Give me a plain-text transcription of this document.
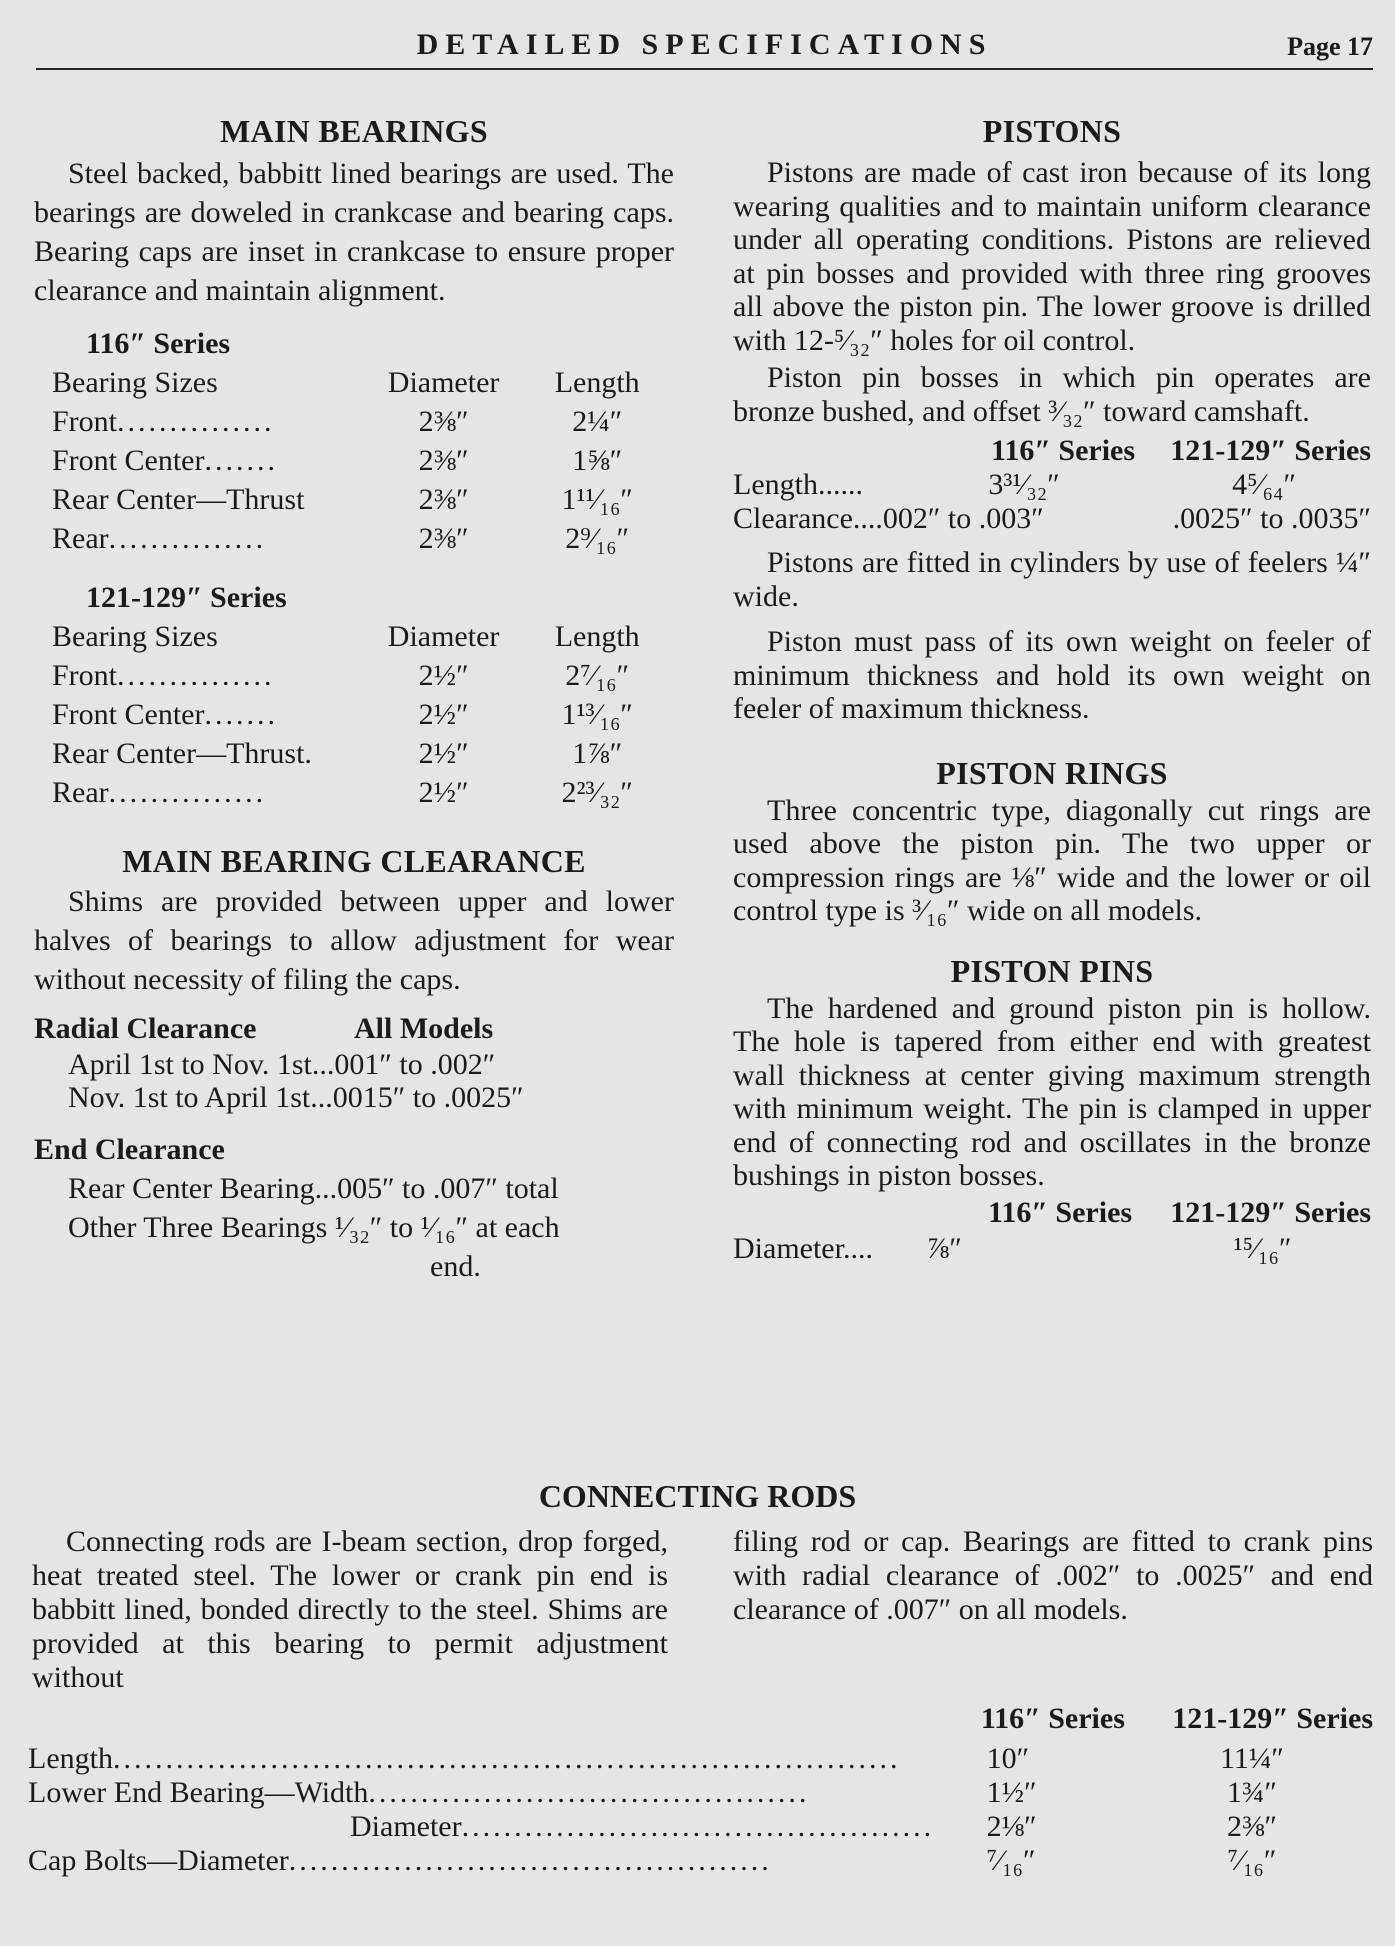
DETAILED SPECIFICATIONS	Page 17
MAIN BEARINGS

Steel backed, babbitt lined bearings are used. The bearings are doweled in crankcase and bearing caps. Bearing caps are inset in crankcase to ensure proper clearance and maintain alignment.

116″ Series
Bearing Sizes	Diameter	Length
Front...............	2⅜″	2¼″
Front Center.......	2⅜″	1⅝″
Rear Center—Thrust	2⅜″	1¹¹⁄₁₆″
Rear...............	2⅜″	2⁹⁄₁₆″
121-129″ Series
Bearing Sizes	Diameter	Length
Front...............	2½″	2⁷⁄₁₆″
Front Center.......	2½″	1¹³⁄₁₆″
Rear Center—Thrust.	2½″	1⅞″
Rear...............	2½″	2²³⁄₃₂″
MAIN BEARING CLEARANCE

Shims are provided between upper and lower halves of bearings to allow adjustment for wear without necessity of filing the caps.

Radial Clearance	All Models
April 1st to Nov. 1st...001″ to .002″
Nov. 1st to April 1st...0015″ to .0025″
End Clearance
Rear Center Bearing...005″ to .007″ total
Other Three Bearings ¹⁄₃₂″ to ¹⁄₁₆″ at each
end.
PISTONS

Pistons are made of cast iron because of its long wearing qualities and to maintain uniform clearance under all operating conditions. Pistons are relieved at pin bosses and provided with three ring grooves all above the piston pin. The lower groove is drilled with 12-⁵⁄₃₂″ holes for oil control.

Piston pin bosses in which pin operates are bronze bushed, and offset ³⁄₃₂″ toward camshaft.

	116″ Series	121-129″ Series
Length......	3³¹⁄₃₂″	4⁵⁄₆₄″
Clearance....002″ to .003″		.0025″ to .0035″

Pistons are fitted in cylinders by use of feelers ¼″ wide.

Piston must pass of its own weight on feeler of minimum thickness and hold its own weight on feeler of maximum thickness.

PISTON RINGS

Three concentric type, diagonally cut rings are used above the piston pin. The two upper or compression rings are ⅛″ wide and the lower or oil control type is ³⁄₁₆″ wide on all models.

PISTON PINS

The hardened and ground piston pin is hollow. The hole is tapered from either end with greatest wall thickness at center giving maximum strength with minimum weight. The pin is clamped in upper end of connecting rod and oscillates in the bronze bushings in piston bosses.

	116″ Series	121-129″ Series
Diameter....	⅞″	¹⁵⁄₁₆″
CONNECTING RODS

Connecting rods are I-beam section, drop forged, heat treated steel. The lower or crank pin end is babbitt lined, bonded directly to the steel. Shims are provided at this bearing to permit adjustment without

filing rod or cap. Bearings are fitted to crank pins with radial clearance of .002″ to .0025″ and end clearance of .007″ on all models.

	116″ Series	121-129″ Series

Length...........................................................................	10″	11¼″
Lower End Bearing—Width..........................................	1½″	1¾″
Diameter.............................................	2⅛″	2⅜″
Cap Bolts—Diameter..............................................	⁷⁄₁₆″	⁷⁄₁₆″
